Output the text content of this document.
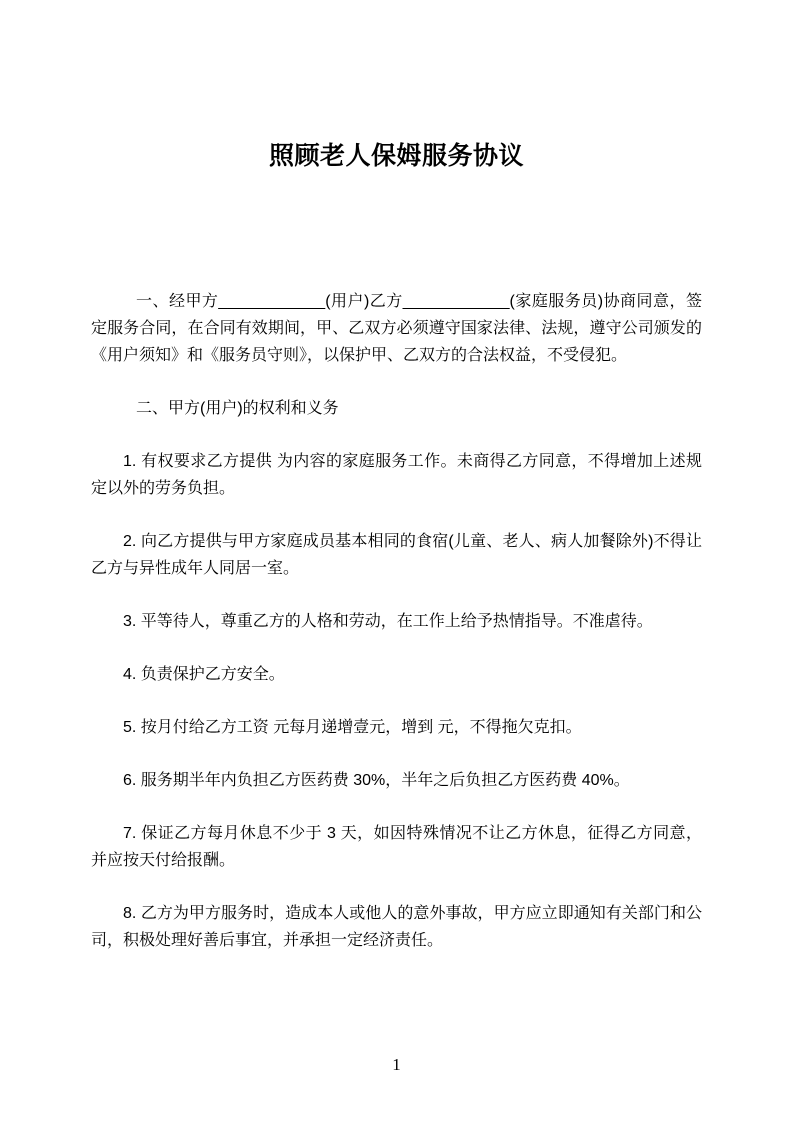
照顾老人保姆服务协议

一、经甲方____________(用户)乙方____________(家庭服务员)协商同意，签定服务合同，在合同有效期间，甲、乙双方必须遵守国家法律、法规，遵守公司颁发的《用户须知》和《服务员守则》，以保护甲、乙双方的合法权益，不受侵犯。

二、甲方(用户)的权利和义务

1. 有权要求乙方提供 为内容的家庭服务工作。未商得乙方同意，不得增加上述规定以外的劳务负担。

2. 向乙方提供与甲方家庭成员基本相同的食宿(儿童、老人、病人加餐除外)不得让乙方与异性成年人同居一室。

3. 平等待人，尊重乙方的人格和劳动，在工作上给予热情指导。不准虐待。

4. 负责保护乙方安全。

5. 按月付给乙方工资 元每月递增壹元，增到 元，不得拖欠克扣。

6. 服务期半年内负担乙方医药费 30%，半年之后负担乙方医药费 40%。

7. 保证乙方每月休息不少于 3 天，如因特殊情况不让乙方休息，征得乙方同意，并应按天付给报酬。

8. 乙方为甲方服务时，造成本人或他人的意外事故，甲方应立即通知有关部门和公司，积极处理好善后事宜，并承担一定经济责任。

1
